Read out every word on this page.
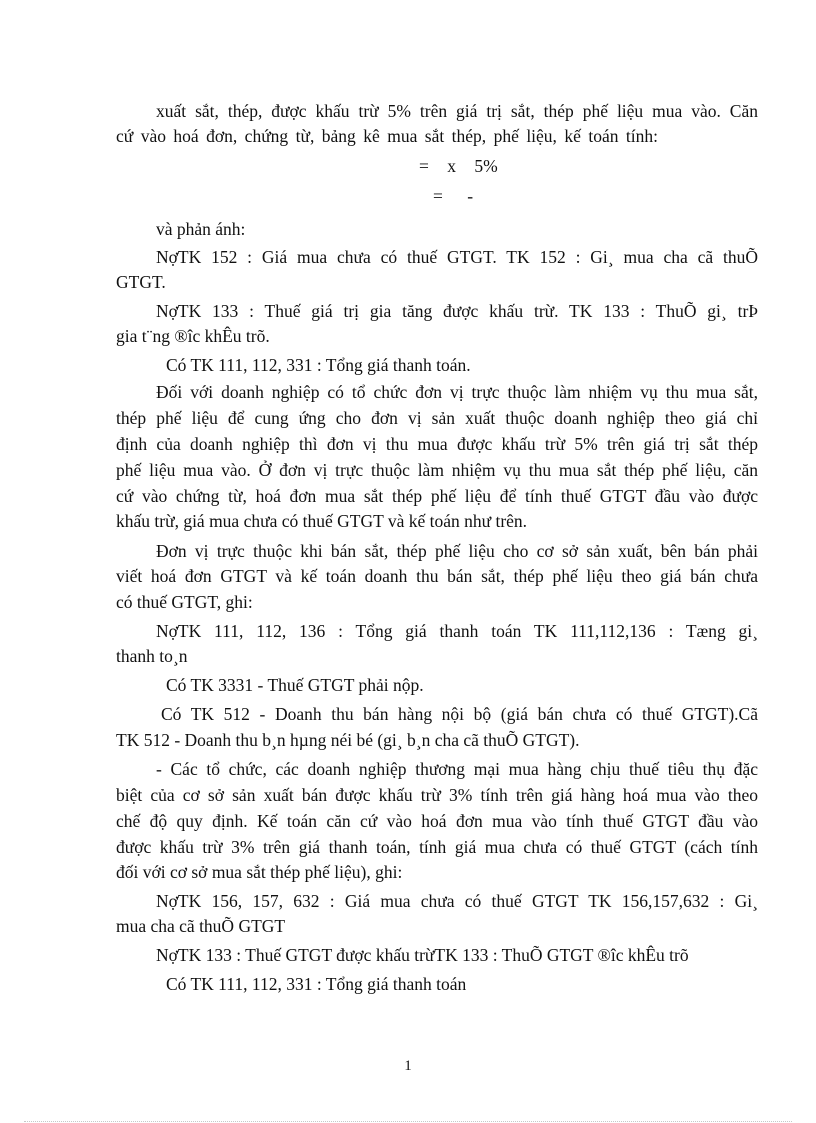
xuất sắt, thép, được khấu trừ 5% trên giá trị sắt, thép phế liệu mua vào. Căn
cứ vào hoá đơn, chứng từ, bảng kê mua sắt thép, phế liệu, kế toán tính:
= x 5%
= -
và phản ánh:
NợTK 152 : Giá mua chưa có thuế GTGT. TK 152 : Gi¸ mua cha cã thuÕ
GTGT.
NợTK 133 : Thuế giá trị gia tăng được khấu trừ. TK 133 : ThuÕ gi¸ trÞ
gia t¨ng ®îc khÊu trõ.
Có TK 111, 112, 331 : Tổng giá thanh toán.
Đối với doanh nghiệp có tổ chức đơn vị trực thuộc làm nhiệm vụ thu mua sắt,
thép phế liệu để cung ứng cho đơn vị sản xuất thuộc doanh nghiệp theo giá chỉ
định của doanh nghiệp thì đơn vị thu mua được khấu trừ 5% trên giá trị sắt thép
phế liệu mua vào. Ở đơn vị trực thuộc làm nhiệm vụ thu mua sắt thép phế liệu, căn
cứ vào chứng từ, hoá đơn mua sắt thép phế liệu để tính thuế GTGT đầu vào được
khấu trừ, giá mua chưa có thuế GTGT và kế toán như trên.
Đơn vị trực thuộc khi bán sắt, thép phế liệu cho cơ sở sản xuất, bên bán phải
viết hoá đơn GTGT và kế toán doanh thu bán sắt, thép phế liệu theo giá bán chưa
có thuế GTGT, ghi:
NợTK 111, 112, 136 : Tổng giá thanh toán TK 111,112,136 : Tæng gi¸
thanh to¸n
Có TK 3331 - Thuế GTGT phải nộp.
Có TK 512 - Doanh thu bán hàng nội bộ (giá bán chưa có thuế GTGT).Cã
TK 512 - Doanh thu b¸n hµng néi bé (gi¸ b¸n cha cã thuÕ GTGT).
- Các tổ chức, các doanh nghiệp thương mại mua hàng chịu thuế tiêu thụ đặc
biệt của cơ sở sản xuất bán được khấu trừ 3% tính trên giá hàng hoá mua vào theo
chế độ quy định. Kế toán căn cứ vào hoá đơn mua vào tính thuế GTGT đầu vào
được khấu trừ 3% trên giá thanh toán, tính giá mua chưa có thuế GTGT (cách tính
đối với cơ sở mua sắt thép phế liệu), ghi:
NợTK 156, 157, 632 : Giá mua chưa có thuế GTGT TK 156,157,632 : Gi¸
mua cha cã thuÕ GTGT
NợTK 133 : Thuế GTGT được khấu trừTK 133 : ThuÕ GTGT ®îc khÊu trõ
Có TK 111, 112, 331 : Tổng giá thanh toán
1
